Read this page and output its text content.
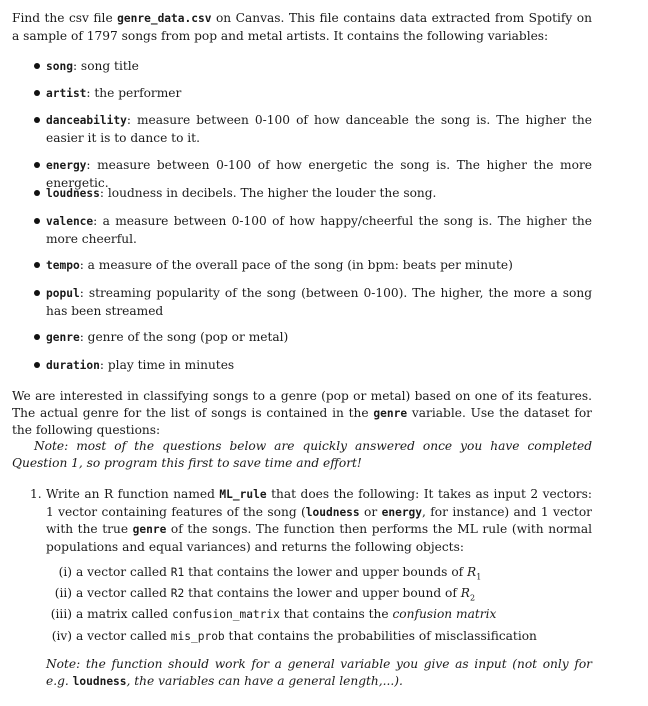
Find the csv file genre_data.csv on Canvas. This file contains data extracted from Spotify on a sample of 1797 songs from pop and metal artists. It contains the following variables:
song: song title
artist: the performer
danceability: measure between 0-100 of how danceable the song is. The higher the easier it is to dance to it.
energy: measure between 0-100 of how energetic the song is. The higher the more energetic.
loudness: loudness in decibels. The higher the louder the song.
valence: a measure between 0-100 of how happy/cheerful the song is. The higher the more cheerful.
tempo: a measure of the overall pace of the song (in bpm: beats per minute)
popul: streaming popularity of the song (between 0-100). The higher, the more a song has been streamed
genre: genre of the song (pop or metal)
duration: play time in minutes
We are interested in classifying songs to a genre (pop or metal) based on one of its features. The actual genre for the list of songs is contained in the genre variable. Use the dataset for the following questions:
Note: most of the questions below are quickly answered once you have completed Question 1, so program this first to save time and effort!
1. Write an R function named ML_rule that does the following: It takes as input 2 vectors: 1 vector containing features of the song (loudness or energy, for instance) and 1 vector with the true genre of the songs. The function then performs the ML rule (with normal populations and equal variances) and returns the following objects:
(i) a vector called R1 that contains the lower and upper bounds of $R_1$
(ii) a vector called R2 that contains the lower and upper bound of $R_2$
(iii) a matrix called confusion_matrix that contains the confusion matrix
(iv) a vector called mis_prob that contains the probabilities of misclassification
Note: the function should work for a general variable you give as input (not only for e.g. loudness, the variables can have a general length,...).
